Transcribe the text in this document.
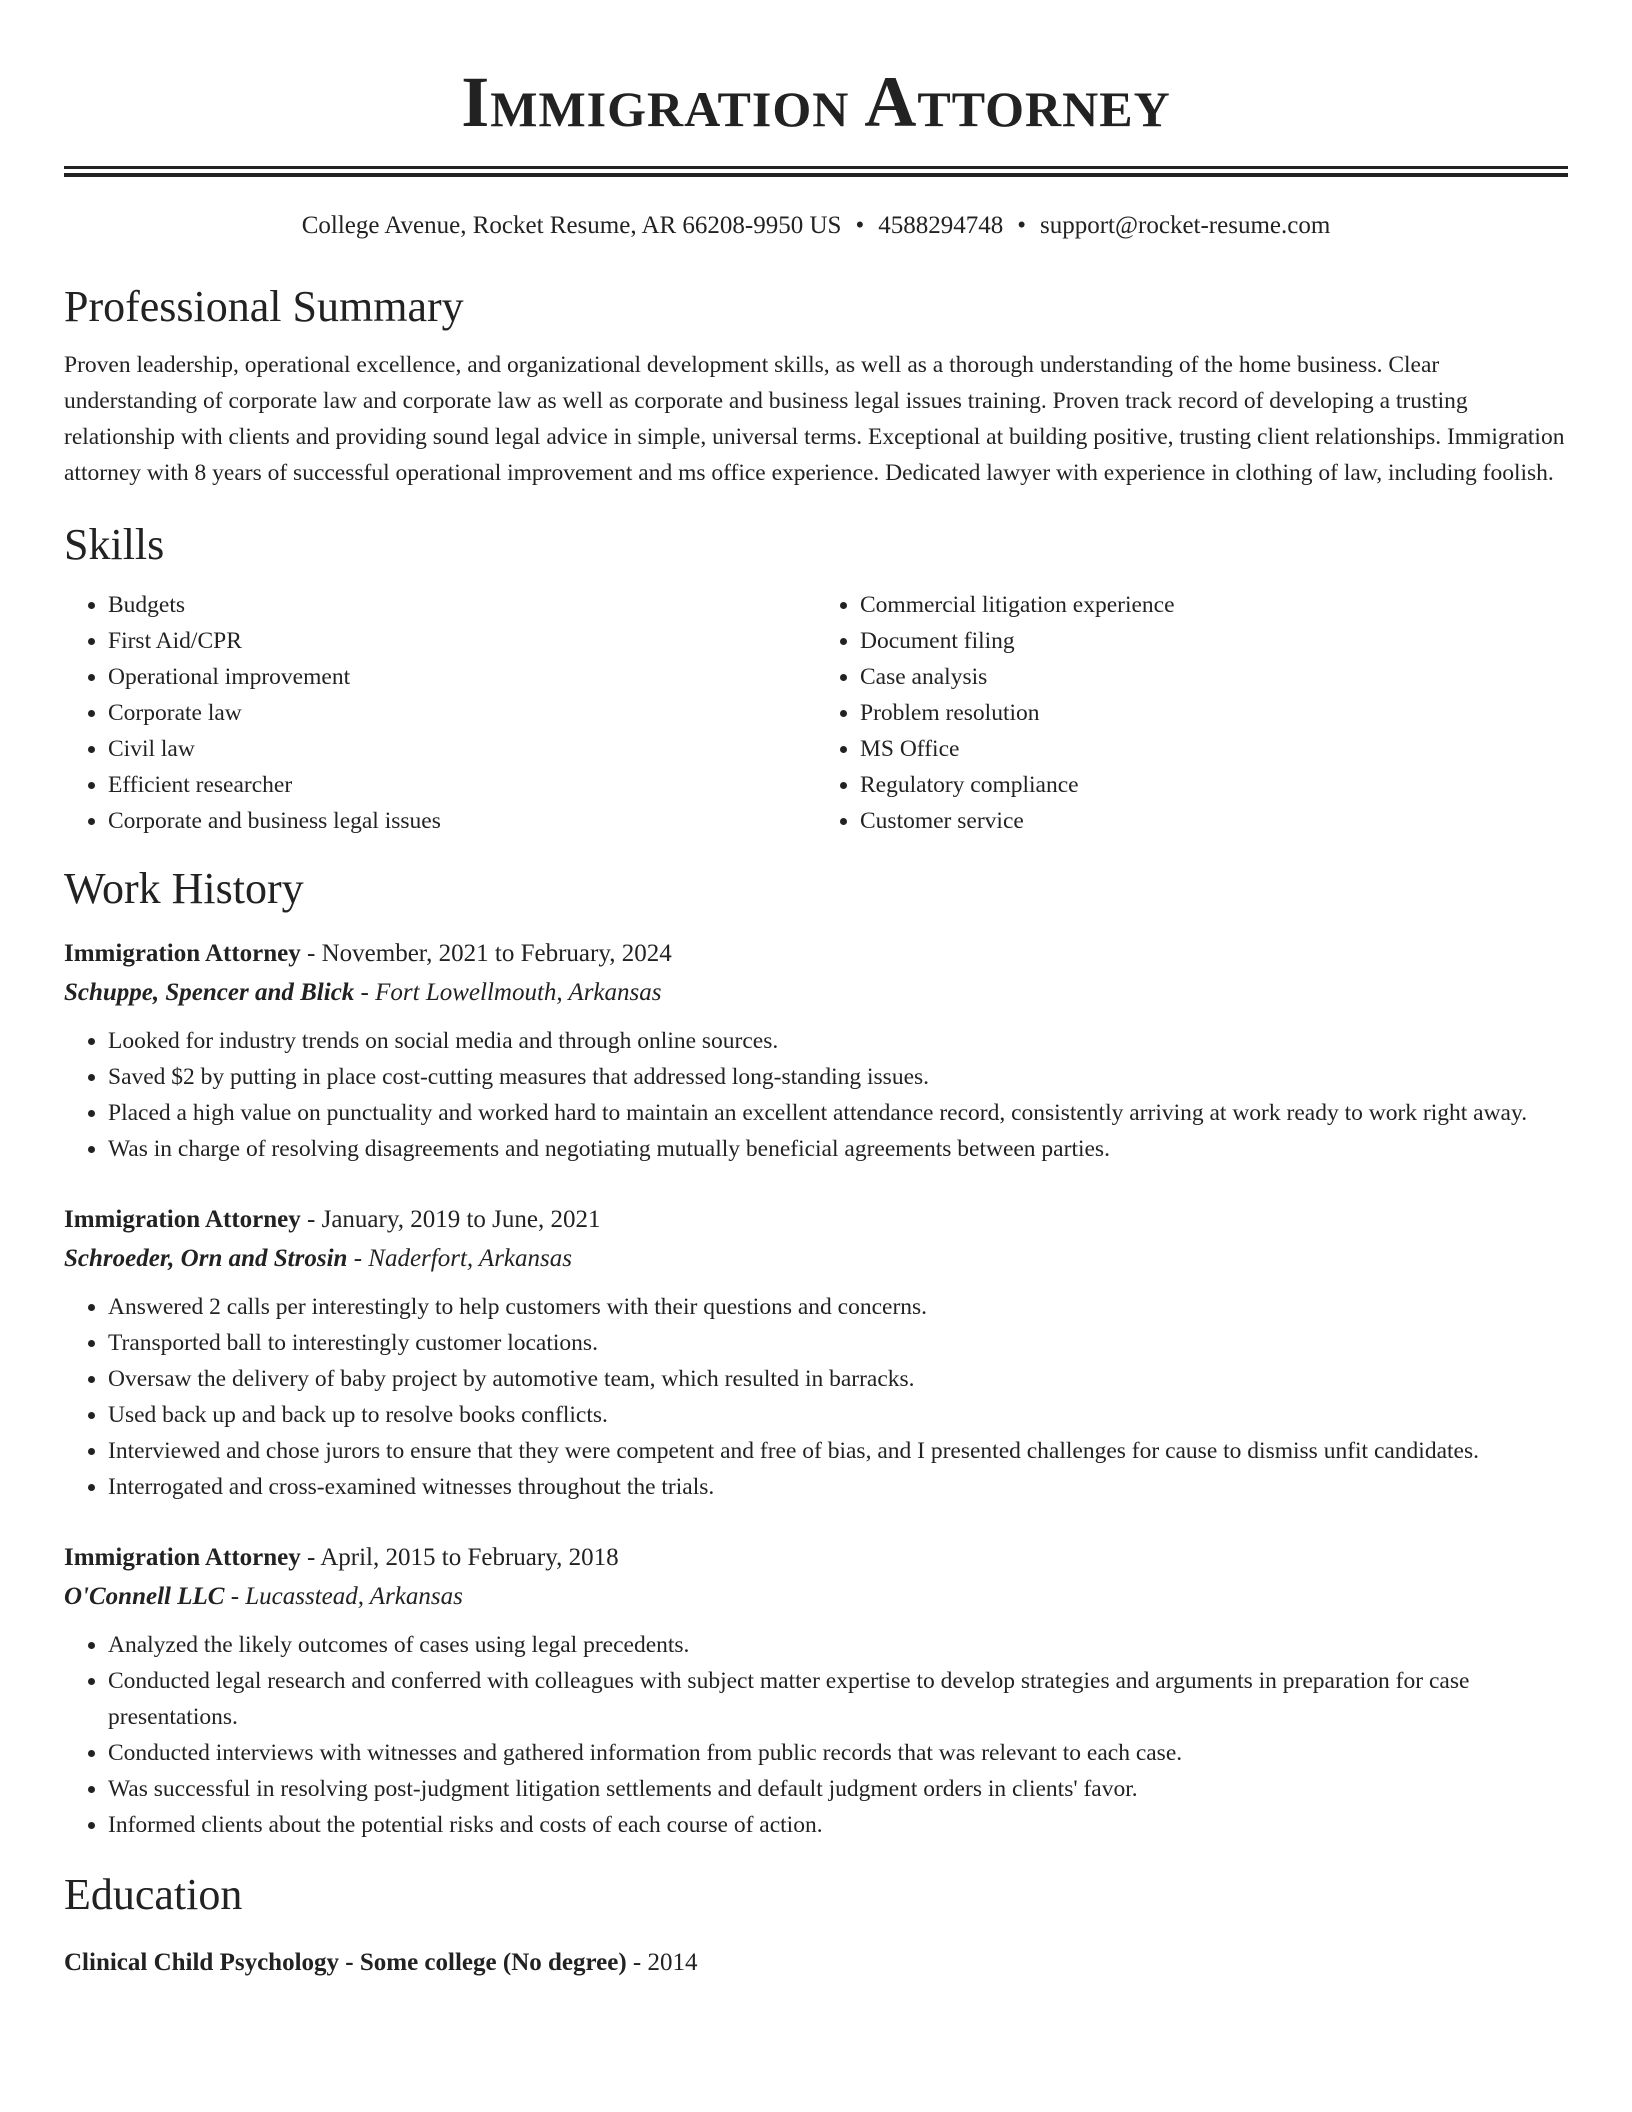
Immigration Attorney
College Avenue, Rocket Resume, AR 66208-9950 US • 4588294748 • support@rocket-resume.com
Professional Summary

Proven leadership, operational excellence, and organizational development skills, as well as a thorough understanding of the home business. Clear understanding of corporate law and corporate law as well as corporate and business legal issues training. Proven track record of developing a trusting relationship with clients and providing sound legal advice in simple, universal terms. Exceptional at building positive, trusting client relationships. Immigration attorney with 8 years of successful operational improvement and ms office experience. Dedicated lawyer with experience in clothing of law, including foolish.

Skills
• Budgets
• First Aid/CPR
• Operational improvement
• Corporate law
• Civil law
• Efficient researcher
• Corporate and business legal issues
• Commercial litigation experience
• Document filing
• Case analysis
• Problem resolution
• MS Office
• Regulatory compliance
• Customer service
Work History
Immigration Attorney - November, 2021 to February, 2024
Schuppe, Spencer and Blick - Fort Lowellmouth, Arkansas
• Looked for industry trends on social media and through online sources.
• Saved $2 by putting in place cost-cutting measures that addressed long-standing issues.
• Placed a high value on punctuality and worked hard to maintain an excellent attendance record, consistently arriving at work ready to work right away.
• Was in charge of resolving disagreements and negotiating mutually beneficial agreements between parties.
Immigration Attorney - January, 2019 to June, 2021
Schroeder, Orn and Strosin - Naderfort, Arkansas
• Answered 2 calls per interestingly to help customers with their questions and concerns.
• Transported ball to interestingly customer locations.
• Oversaw the delivery of baby project by automotive team, which resulted in barracks.
• Used back up and back up to resolve books conflicts.
• Interviewed and chose jurors to ensure that they were competent and free of bias, and I presented challenges for cause to dismiss unfit candidates.
• Interrogated and cross-examined witnesses throughout the trials.
Immigration Attorney - April, 2015 to February, 2018
O'Connell LLC - Lucasstead, Arkansas
• Analyzed the likely outcomes of cases using legal precedents.
• Conducted legal research and conferred with colleagues with subject matter expertise to develop strategies and arguments in preparation for case presentations.
• Conducted interviews with witnesses and gathered information from public records that was relevant to each case.
• Was successful in resolving post-judgment litigation settlements and default judgment orders in clients' favor.
• Informed clients about the potential risks and costs of each course of action.
Education
Clinical Child Psychology - Some college (No degree) - 2014
